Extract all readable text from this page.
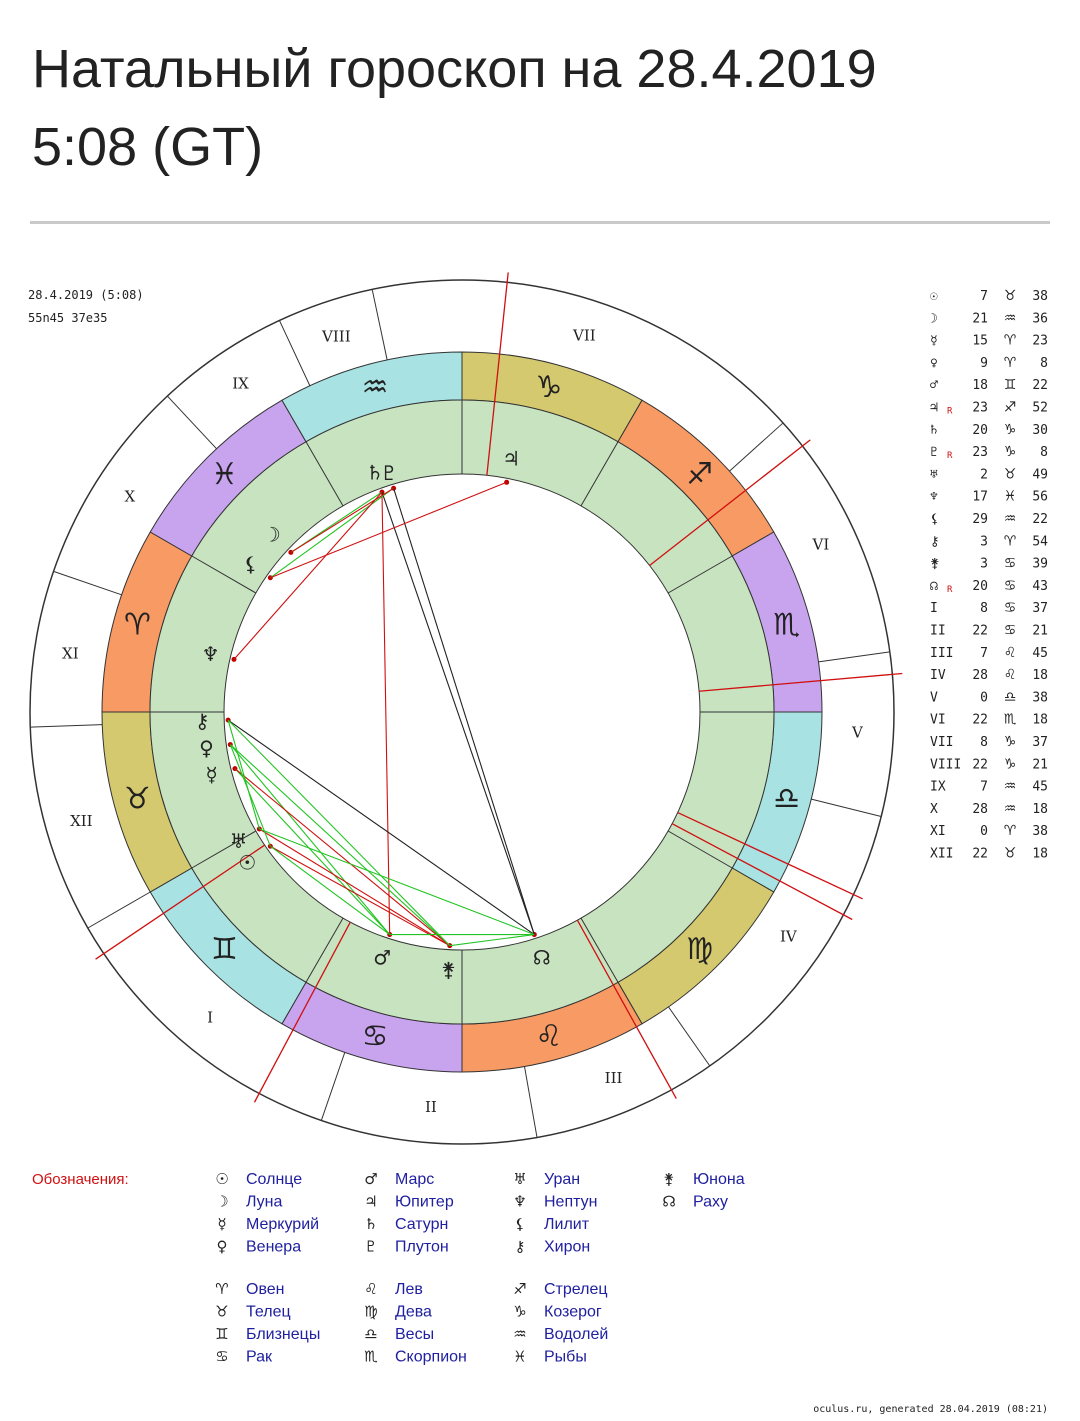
Натальный гороскоп на 28.4.2019
5:08 (GT)
♑
♐
♏
♎
♍
♌
♋
♊
♉
♈
♓
♒
VII
VI
V
IV
III
II
I
XII
XI
X
IX
VIII
♄
♇
♃
☽
⚸
♆
⚷
♀
☿
♅
☉
♂
⚵
☊
28.4.2019 (5:08)
55n45 37e35
☉	7 ♉ 38
☽	21 ♒ 36
☿	15 ♈ 23
♀	9 ♈ 8
♂	18 ♊ 22
♃ R 23 ♐ 52
♄	20 ♑ 30
♇ R 23 ♑ 8
♅	2 ♉ 49
♆	17 ♓ 56
⚸	29 ♒ 22
⚷	3 ♈ 54
⚵	3 ♋ 39
☊ R 20 ♋ 43
I	8 ♋ 37
II 22 ♋ 21
III 7 ♌ 45
IV 28 ♌ 18
V	0 ♎ 38
VI 22 ♏ 18
VII 8 ♑ 37
VIII 22 ♑ 21
IX	7 ♒ 45
X	28 ♒ 18
XI	0 ♈ 38
XII 22 ♉ 18
Обозначения:	☉ Солнце
☽ Луна
☿ Меркурий
♀ Венера
♂ Марс
♃ Юпитер
♄ Сатурн
♇ Плутон
♅ Уран
♆ Нептун
⚸ Лилит
⚷ Хирон
⚵ Юнона
☊ Раху
♈ Овен
♉ Телец
♊ Близнецы
♋ Рак
♌ Лев
♍ Дева
♎ Весы
♏ Скорпион
♐ Стрелец
♑ Козерог
♒ Водолей
♓ Рыбы
oculus.ru, generated 28.04.2019 (08:21)
